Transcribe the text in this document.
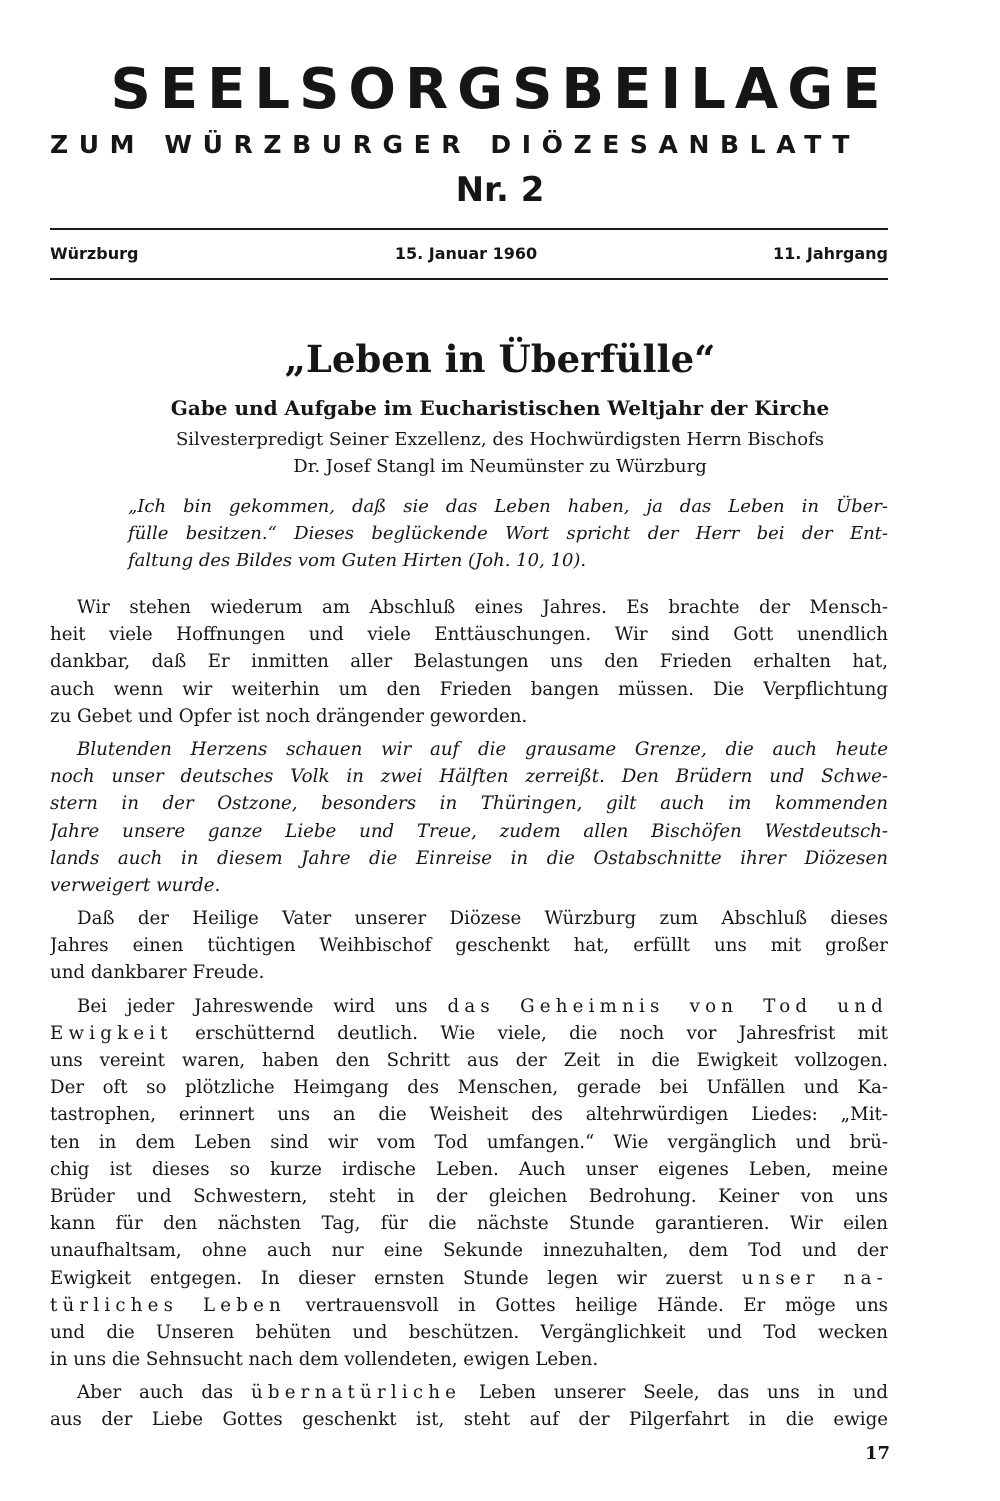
SEELSORGSBEILAGE
ZUM WÜRZBURGER DIÖZESANBLATT
Nr. 2
Würzburg	15. Januar 1960	11. Jahrgang
„Leben in Überfülle“
Gabe und Aufgabe im Eucharistischen Weltjahr der Kirche
Silvesterpredigt Seiner Exzellenz, des Hochwürdigsten Herrn Bischofs
Dr. Josef Stangl im Neumünster zu Würzburg
„Ich bin gekommen, daß sie das Leben haben, ja das Leben in Über-
fülle besitzen.“ Dieses beglückende Wort spricht der Herr bei der Ent-
faltung des Bildes vom Guten Hirten (Joh. 10, 10).
Wir stehen wiederum am Abschluß eines Jahres. Es brachte der Mensch-
heit viele Hoffnungen und viele Enttäuschungen. Wir sind Gott unendlich
dankbar, daß Er inmitten aller Belastungen uns den Frieden erhalten hat,
auch wenn wir weiterhin um den Frieden bangen müssen. Die Verpflichtung
zu Gebet und Opfer ist noch drängender geworden.
Blutenden Herzens schauen wir auf die grausame Grenze, die auch heute
noch unser deutsches Volk in zwei Hälften zerreißt. Den Brüdern und Schwe-
stern in der Ostzone, besonders in Thüringen, gilt auch im kommenden
Jahre unsere ganze Liebe und Treue, zudem allen Bischöfen Westdeutsch-
lands auch in diesem Jahre die Einreise in die Ostabschnitte ihrer Diözesen
verweigert wurde.
Daß der Heilige Vater unserer Diözese Würzburg zum Abschluß dieses
Jahres einen tüchtigen Weihbischof geschenkt hat, erfüllt uns mit großer
und dankbarer Freude.
Bei jeder Jahreswende wird uns das Geheimnis von Tod und
Ewigkeit erschütternd deutlich. Wie viele, die noch vor Jahresfrist mit
uns vereint waren, haben den Schritt aus der Zeit in die Ewigkeit vollzogen.
Der oft so plötzliche Heimgang des Menschen, gerade bei Unfällen und Ka-
tastrophen, erinnert uns an die Weisheit des altehrwürdigen Liedes: „Mit-
ten in dem Leben sind wir vom Tod umfangen.“ Wie vergänglich und brü-
chig ist dieses so kurze irdische Leben. Auch unser eigenes Leben, meine
Brüder und Schwestern, steht in der gleichen Bedrohung. Keiner von uns
kann für den nächsten Tag, für die nächste Stunde garantieren. Wir eilen
unaufhaltsam, ohne auch nur eine Sekunde innezuhalten, dem Tod und der
Ewigkeit entgegen. In dieser ernsten Stunde legen wir zuerst unser na-
türliches Leben vertrauensvoll in Gottes heilige Hände. Er möge uns
und die Unseren behüten und beschützen. Vergänglichkeit und Tod wecken
in uns die Sehnsucht nach dem vollendeten, ewigen Leben.
Aber auch das übernatürliche Leben unserer Seele, das uns in und
aus der Liebe Gottes geschenkt ist, steht auf der Pilgerfahrt in die ewige
17
